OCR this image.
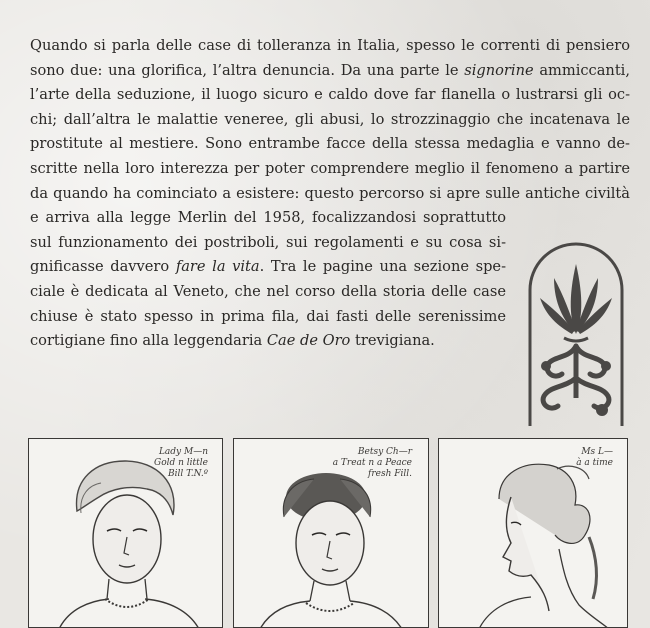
Quando si parla delle case di tolleranza in Italia, spesso le correnti di pensiero
sono due: una glorifica, l’altra denuncia. Da una parte le signorine ammiccanti,
l’arte della seduzione, il luogo sicuro e caldo dove far flanella o lustrarsi gli oc-
chi; dall’altra le malattie veneree, gli abusi, lo strozzinaggio che incatenava le
prostitute al mestiere. Sono entrambe facce della stessa medaglia e vanno de-
scritte nella loro interezza per poter comprendere meglio il fenomeno a partire
da quando ha cominciato a esistere: questo percorso si apre sulle antiche civiltà
e arriva alla legge Merlin del 1958, focalizzandosi soprattutto
sul funzionamento dei postriboli, sui regolamenti e su cosa si-
gnificasse davvero fare la vita. Tra le pagine una sezione spe-
ciale è dedicata al Veneto, che nel corso della storia delle case
chiuse è stato spesso in prima fila, dai fasti delle serenissime
cortigiane fino alla leggendaria Cae de Oro trevigiana.
Lady M—n
Gold n little
Bill T.N.º
Betsy Ch—r
a Treat n a Peace
fresh Fill.
Ms L—
à a time
